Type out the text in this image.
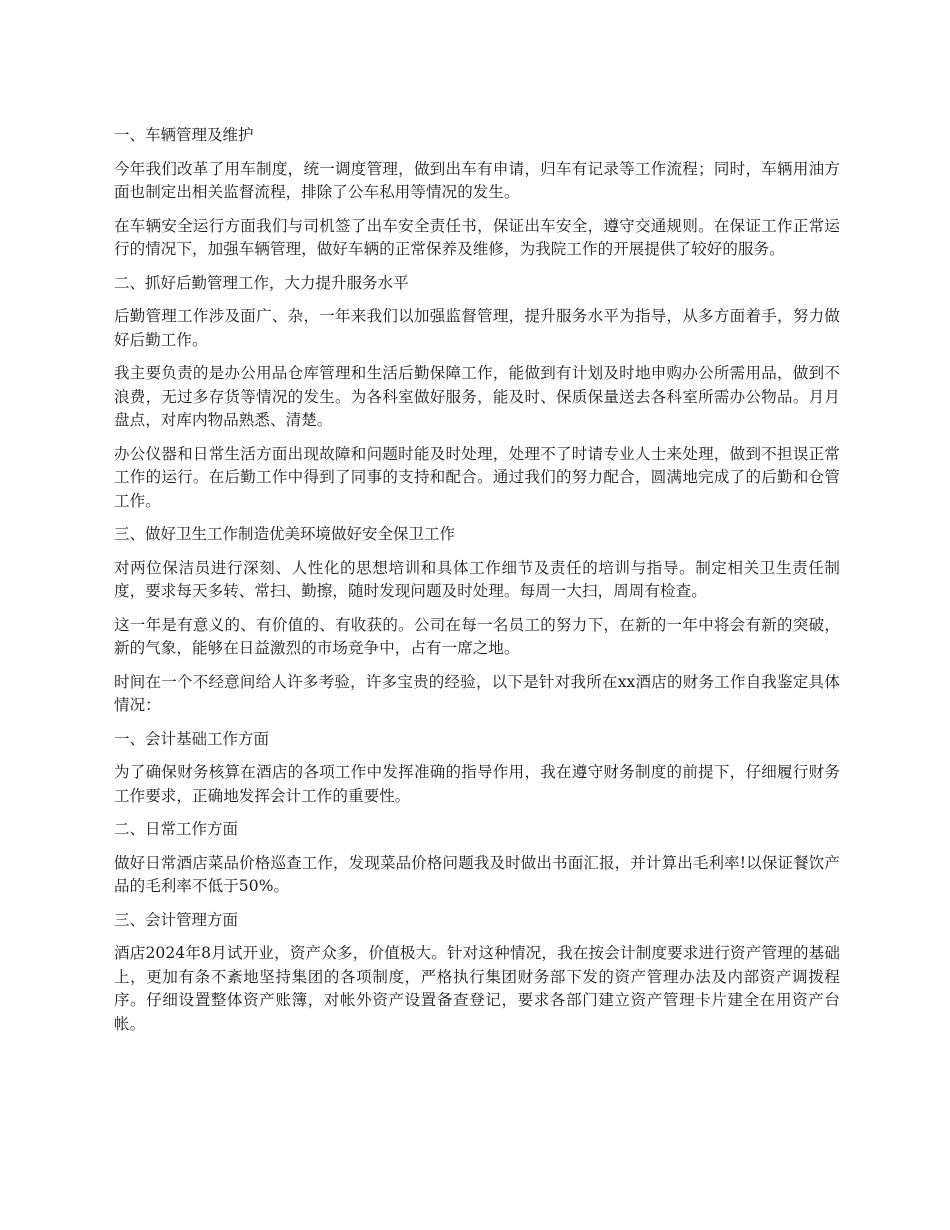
一、车辆管理及维护

今年我们改革了用车制度，统一调度管理，做到出车有申请，归车有记录等工作流程；同时，车辆用油方面也制定出相关监督流程，排除了公车私用等情况的发生。

在车辆安全运行方面我们与司机签了出车安全责任书，保证出车安全，遵守交通规则。在保证工作正常运行的情况下，加强车辆管理，做好车辆的正常保养及维修，为我院工作的开展提供了较好的服务。

二、抓好后勤管理工作，大力提升服务水平

后勤管理工作涉及面广、杂，一年来我们以加强监督管理，提升服务水平为指导，从多方面着手，努力做好后勤工作。

我主要负责的是办公用品仓库管理和生活后勤保障工作，能做到有计划及时地申购办公所需用品，做到不浪费，无过多存货等情况的发生。为各科室做好服务，能及时、保质保量送去各科室所需办公物品。月月盘点，对库内物品熟悉、清楚。

办公仪器和日常生活方面出现故障和问题时能及时处理，处理不了时请专业人士来处理，做到不担误正常工作的运行。在后勤工作中得到了同事的支持和配合。通过我们的努力配合，圆满地完成了的后勤和仓管工作。

三、做好卫生工作制造优美环境做好安全保卫工作

对两位保洁员进行深刻、人性化的思想培训和具体工作细节及责任的培训与指导。制定相关卫生责任制度，要求每天多转、常扫、勤擦，随时发现问题及时处理。每周一大扫，周周有检查。

这一年是有意义的、有价值的、有收获的。公司在每一名员工的努力下，在新的一年中将会有新的突破，新的气象，能够在日益激烈的市场竞争中，占有一席之地。

时间在一个不经意间给人许多考验，许多宝贵的经验，以下是针对我所在xx酒店的财务工作自我鉴定具体情况：

一、会计基础工作方面

为了确保财务核算在酒店的各项工作中发挥准确的指导作用，我在遵守财务制度的前提下，仔细履行财务工作要求，正确地发挥会计工作的重要性。

二、日常工作方面

做好日常酒店菜品价格巡查工作，发现菜品价格问题我及时做出书面汇报，并计算出毛利率!以保证餐饮产品的毛利率不低于50%。

三、会计管理方面

酒店2024年8月试开业，资产众多，价值极大。针对这种情况，我在按会计制度要求进行资产管理的基础上，更加有条不紊地坚持集团的各项制度，严格执行集团财务部下发的资产管理办法及内部资产调拨程序。仔细设置整体资产账簿，对帐外资产设置备查登记，要求各部门建立资产管理卡片建全在用资产台帐。
